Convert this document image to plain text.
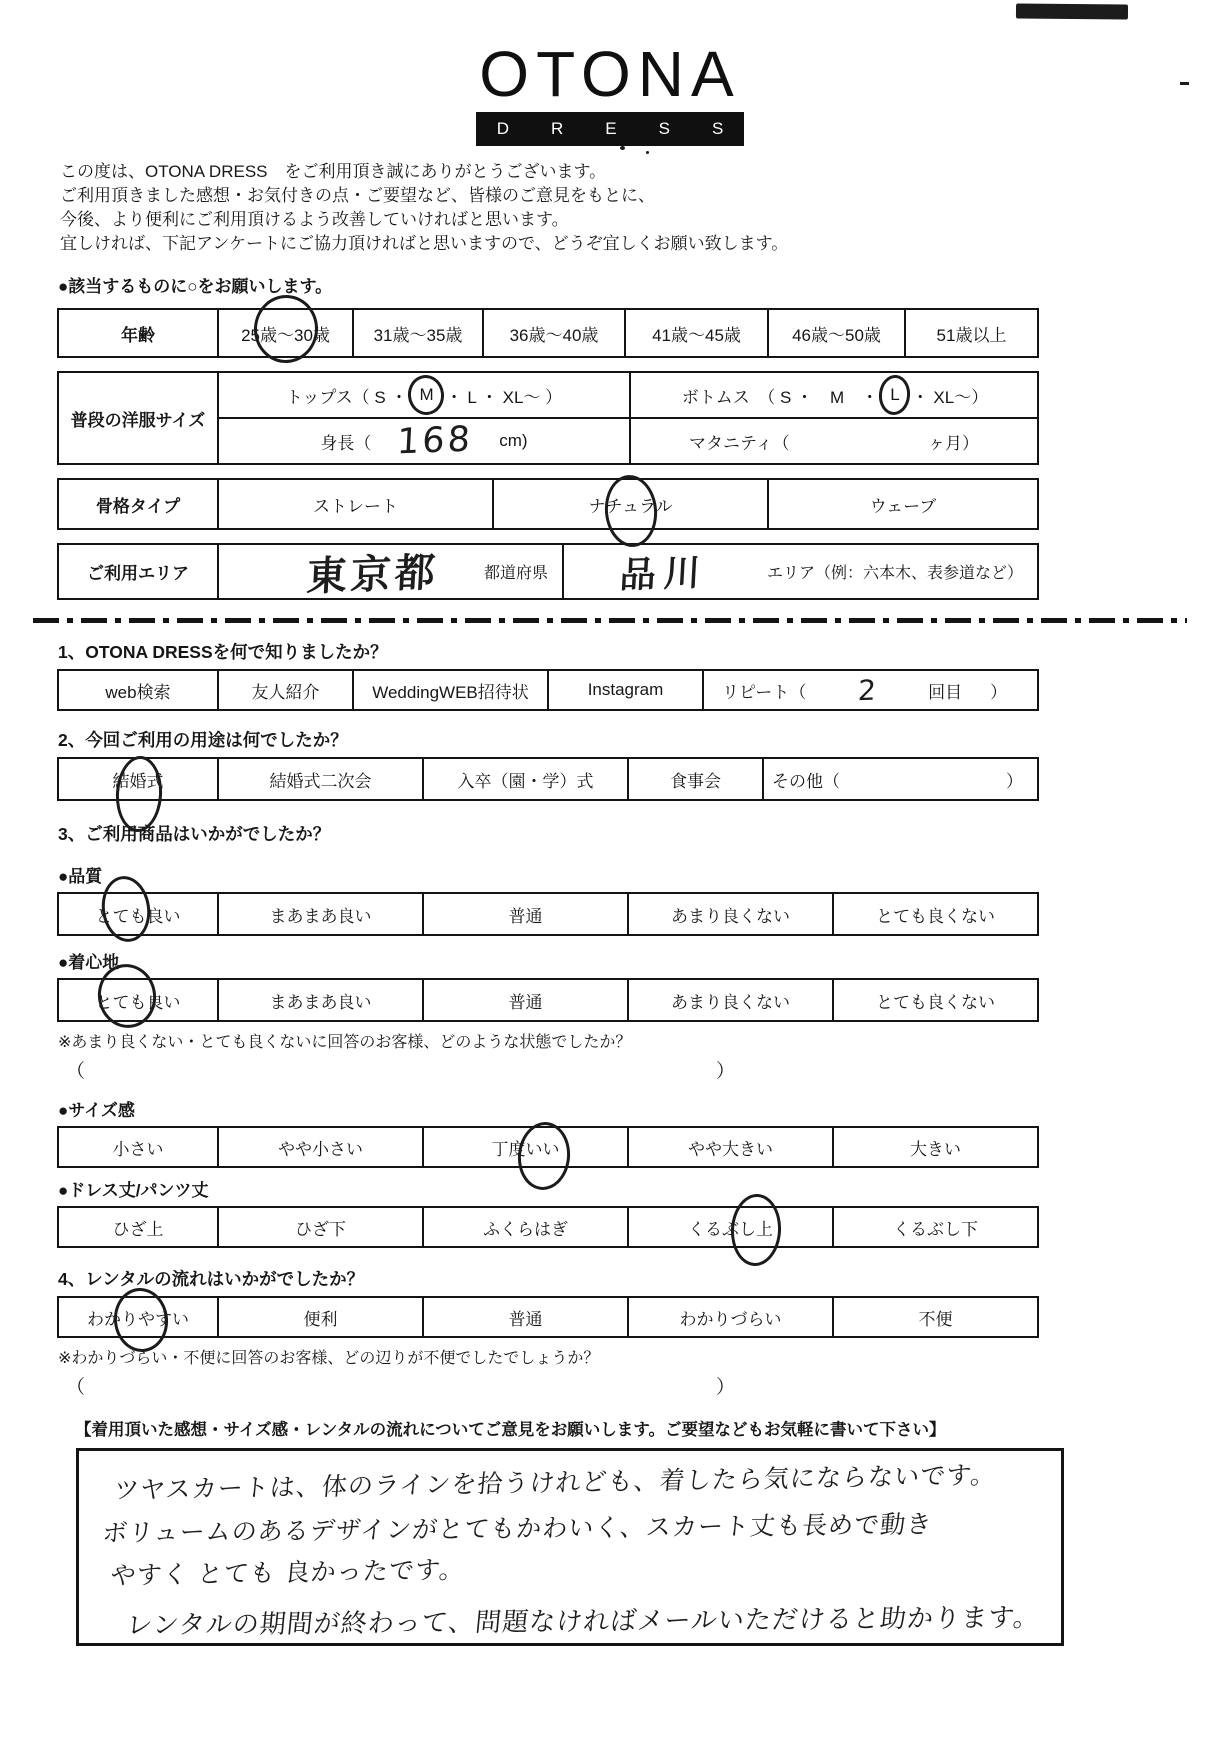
OTONA
DRESS
この度は、OTONA DRESS　をご利用頂き誠にありがとうございます。
ご利用頂きました感想・お気付きの点・ご要望など、皆様のご意見をもとに、
今後、より便利にご利用頂けるよう改善していければと思います。
宜しければ、下記アンケートにご協力頂ければと思いますので、どうぞ宜しくお願い致します。
●該当するものに○をお願いします。
年齢	25歳～30歳	31歳～35歳	36歳～40歳	41歳～45歳	46歳～50歳	51歳以上
普段の洋服サイズ
トップス（ S ・ M ・ L ・ XL～ ）	ボトムス　（ S ・　M　・ L ・ XL～）
身長（ 168 cm)	マタニティ（	ヶ月）
骨格タイプ	ストレート	ナチュラル	ウェーブ
ご利用エリア	東京都	都道府県 品川	エリア（例：六本木、表参道など）
1、OTONA DRESSを何で知りましたか？
web検索	友人紹介	WeddingWEB招待状	Instagram	リピート（ 2	回目 ）
2、今回ご利用の用途は何でしたか？
結婚式	結婚式二次会	入卒（園・学）式	食事会	その他（	）
3、ご利用商品はいかがでしたか？
●品質
とても良い	まあまあ良い	普通	あまり良くない	とても良くない
●着心地
とても良い	まあまあ良い	普通	あまり良くない	とても良くない
※あまり良くない・とても良くないに回答のお客様、どのような状態でしたか？
（	）
●サイズ感
小さい	やや小さい	丁度いい	やや大きい	大きい
●ドレス丈/パンツ丈
ひざ上	ひざ下	ふくらはぎ	くるぶし上	くるぶし下
4、レンタルの流れはいかがでしたか？
わかりやすい	便利	普通	わかりづらい	不便
※わかりづらい・不便に回答のお客様、どの辺りが不便でしたでしょうか？
（	）
【着用頂いた感想・サイズ感・レンタルの流れについてご意見をお願いします。ご要望などもお気軽に書いて下さい】
ツヤスカートは、体のラインを拾うけれども、着したら気にならないです。
ボリュームのあるデザインがとてもかわいく、スカート丈も長めで動き
やすく とても 良かったです。
レンタルの期間が終わって、問題なければメールいただけると助かります。
